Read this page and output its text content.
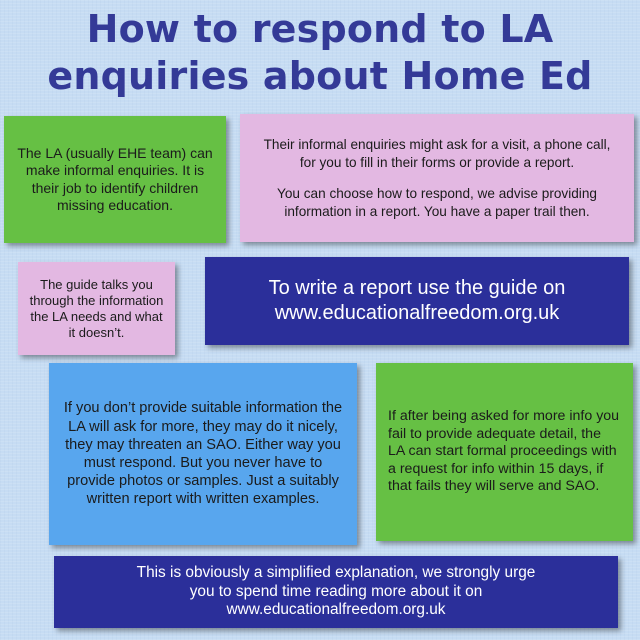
How to respond to LA
enquiries about Home Ed
The LA (usually EHE team) can make informal enquiries. It is their job to identify children missing education.
Their informal enquiries might ask for a visit, a phone call, for you to fill in their forms or provide a report.
You can choose how to respond, we advise providing information in a report. You have a paper trail then.
The guide talks you through the information the LA needs and what it doesn’t.
To write a report use the guide on
www.educationalfreedom.org.uk
If you don’t provide suitable information the LA will ask for more, they may do it nicely, they may threaten an SAO. Either way you must respond. But you never have to provide photos or samples. Just a suitably written report with written examples.
If after being asked for more info you fail to provide adequate detail, the LA can start formal proceedings with a request for info within 15 days, if that fails they will serve and SAO.
This is obviously a simplified explanation, we strongly urge
you to spend time reading more about it on
www.educationalfreedom.org.uk
